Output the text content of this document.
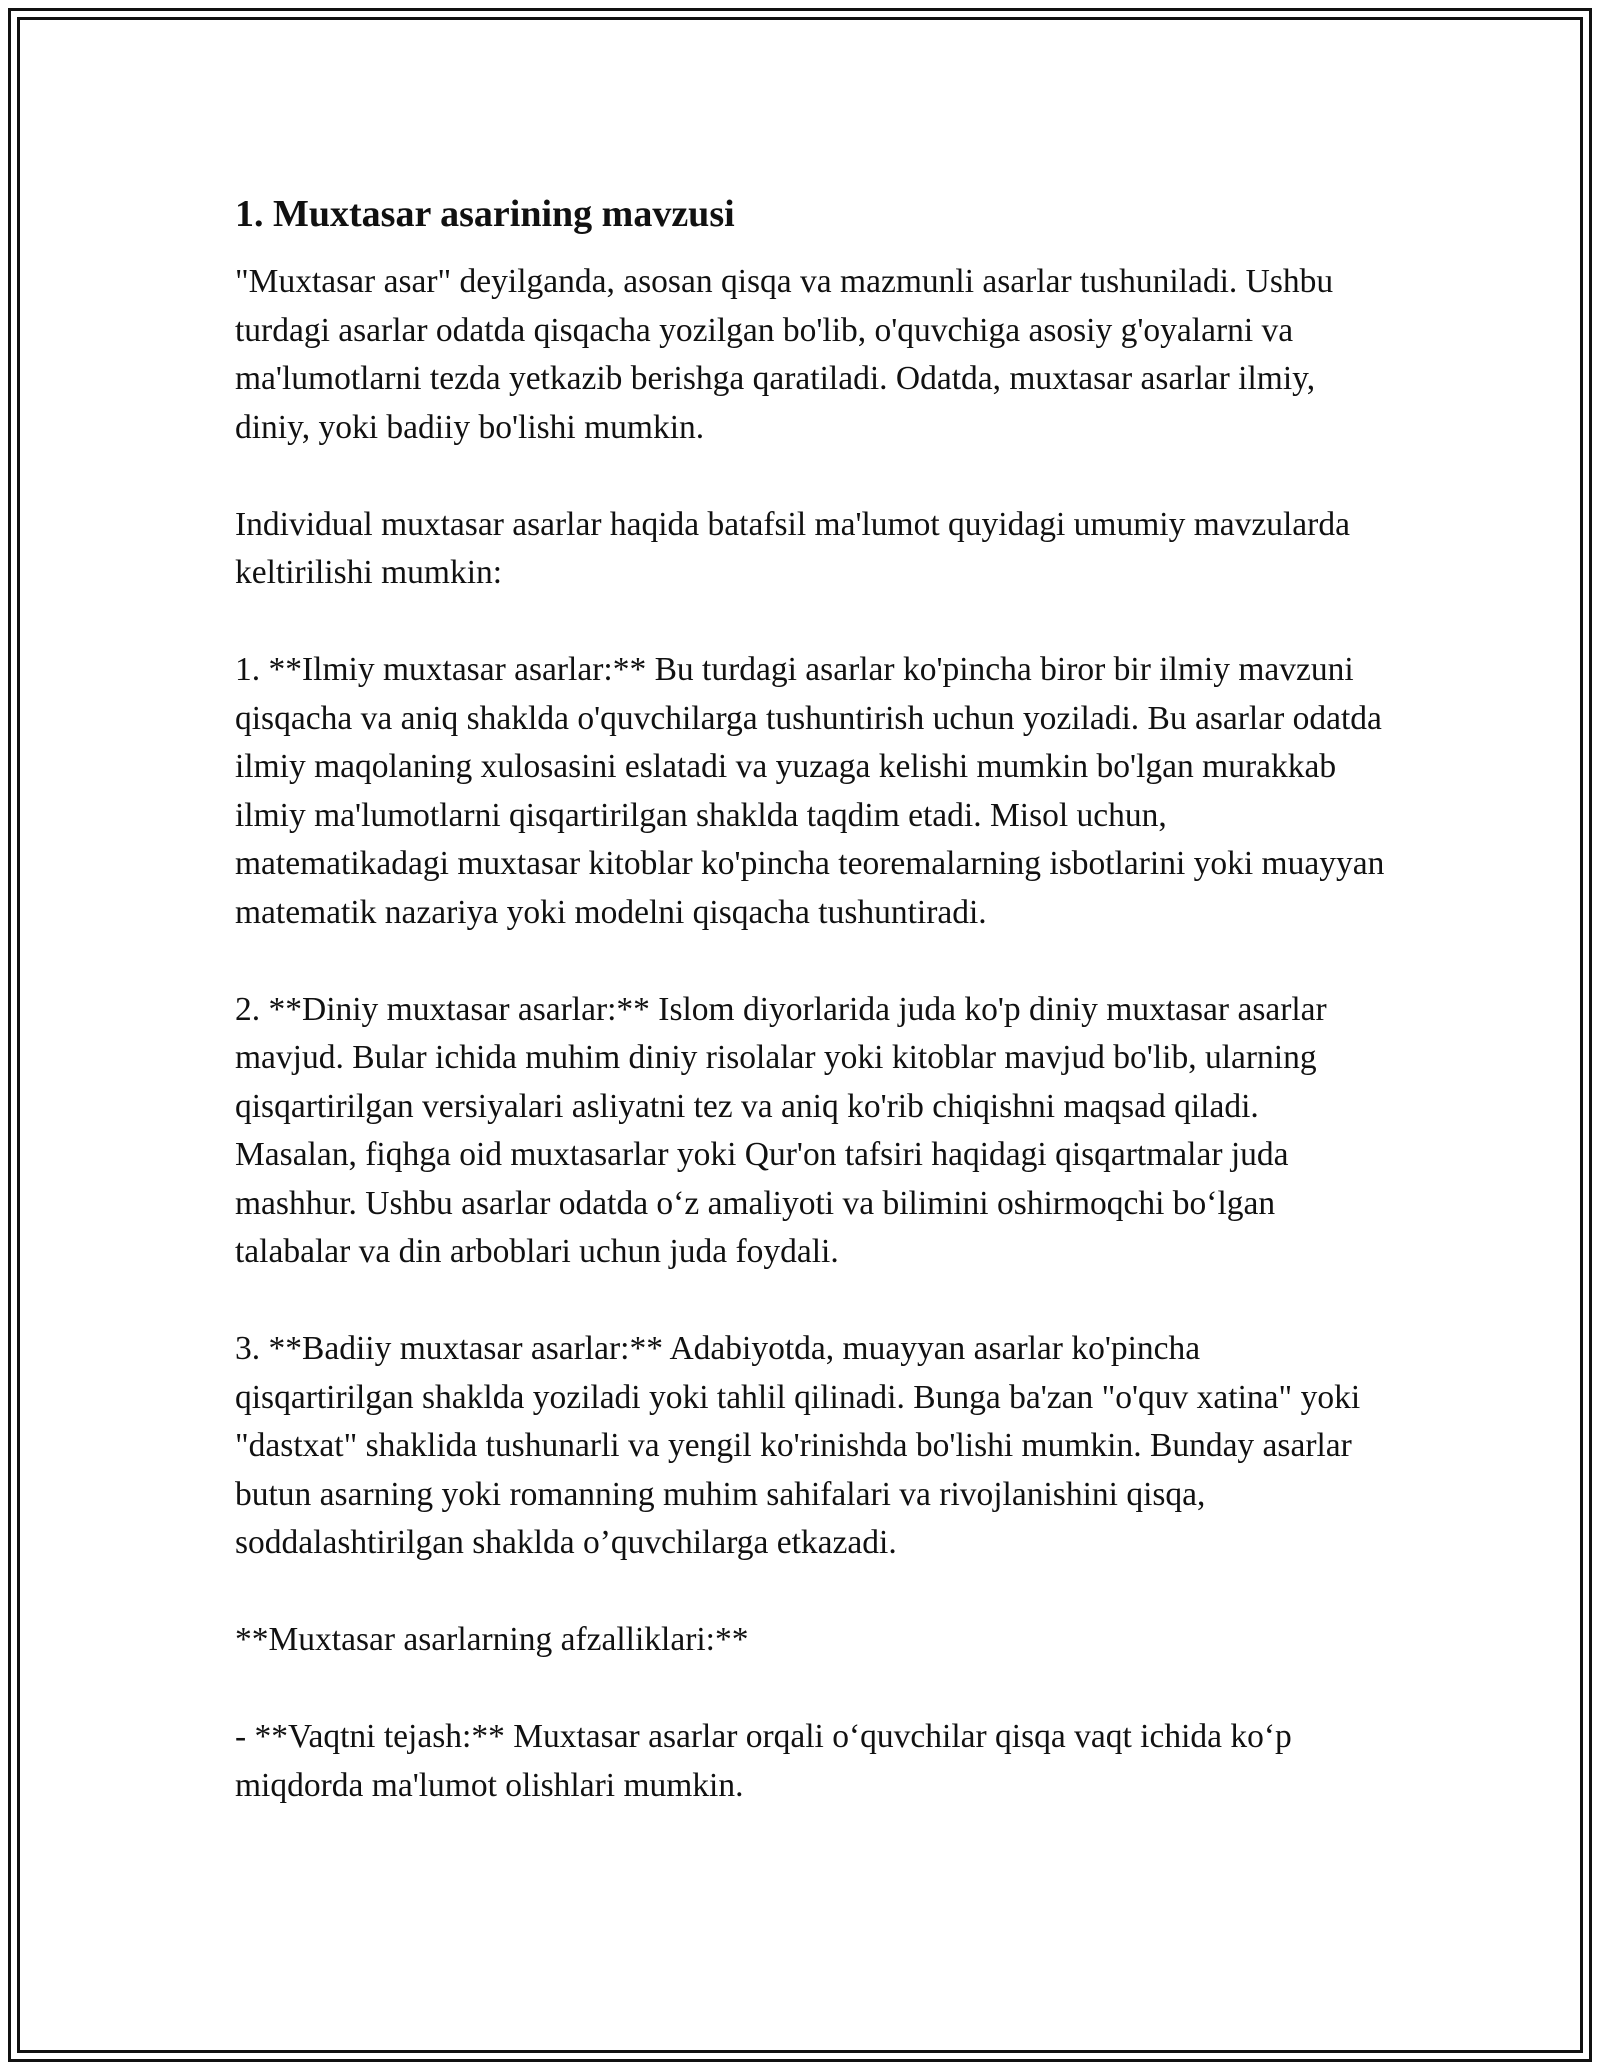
1. Muxtasar asarining mavzusi

"Muxtasar asar" deyilganda, asosan qisqa va mazmunli asarlar tushuniladi. Ushbu turdagi asarlar odatda qisqacha yozilgan bo'lib, o'quvchiga asosiy g'oyalarni va ma'lumotlarni tezda yetkazib berishga qaratiladi. Odatda, muxtasar asarlar ilmiy, diniy, yoki badiiy bo'lishi mumkin.

Individual muxtasar asarlar haqida batafsil ma'lumot quyidagi umumiy mavzularda keltirilishi mumkin:

1. **Ilmiy muxtasar asarlar:** Bu turdagi asarlar ko'pincha biror bir ilmiy mavzuni qisqacha va aniq shaklda o'quvchilarga tushuntirish uchun yoziladi. Bu asarlar odatda ilmiy maqolaning xulosasini eslatadi va yuzaga kelishi mumkin bo'lgan murakkab ilmiy ma'lumotlarni qisqartirilgan shaklda taqdim etadi. Misol uchun, matematikadagi muxtasar kitoblar ko'pincha teoremalarning isbotlarini yoki muayyan matematik nazariya yoki modelni qisqacha tushuntiradi.

2. **Diniy muxtasar asarlar:** Islom diyorlarida juda ko'p diniy muxtasar asarlar mavjud. Bular ichida muhim diniy risolalar yoki kitoblar mavjud bo'lib, ularning qisqartirilgan versiyalari asliyatni tez va aniq ko'rib chiqishni maqsad qiladi. Masalan, fiqhga oid muxtasarlar yoki Qur'on tafsiri haqidagi qisqartmalar juda mashhur. Ushbu asarlar odatda o‘z amaliyoti va bilimini oshirmoqchi bo‘lgan talabalar va din arboblari uchun juda foydali.

3. **Badiiy muxtasar asarlar:** Adabiyotda, muayyan asarlar ko'pincha qisqartirilgan shaklda yoziladi yoki tahlil qilinadi. Bunga ba'zan "o'quv xatina" yoki "dastxat" shaklida tushunarli va yengil ko'rinishda bo'lishi mumkin. Bunday asarlar butun asarning yoki romanning muhim sahifalari va rivojlanishini qisqa, soddalashtirilgan shaklda o’quvchilarga etkazadi.

**Muxtasar asarlarning afzalliklari:**

- **Vaqtni tejash:** Muxtasar asarlar orqali o‘quvchilar qisqa vaqt ichida ko‘p miqdorda ma'lumot olishlari mumkin.
